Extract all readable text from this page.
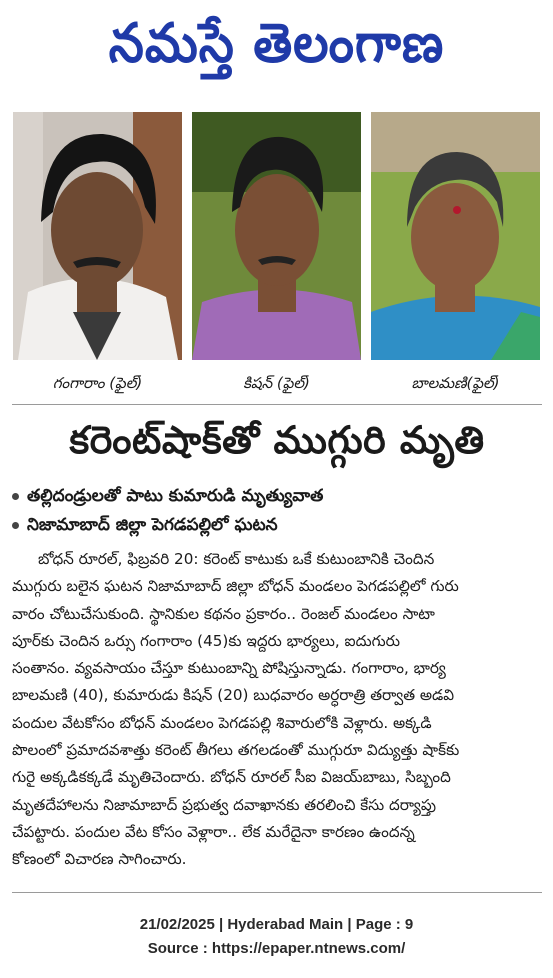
నమస్తే తెలంగాణ
గంగారాం (ఫైల్)	కిషన్ (ఫైల్)	బాలమణి(ఫైల్)
కరెంట్‌షాక్‌తో ముగ్గురి మృతి
తల్లిదండ్రులతో పాటు కుమారుడి మృత్యువాత
నిజామాబాద్ జిల్లా పెగడపల్లిలో ఘటన
బోధన్ రూరల్, ఫిబ్రవరి 20: కరెంట్ కాటుకు ఒకే కుటుంబానికి చెందిన
ముగ్గురు బలైన ఘటన నిజామాబాద్ జిల్లా బోధన్ మండలం పెగడపల్లిలో గురు
వారం చోటుచేసుకుంది. స్థానికుల కథనం ప్రకారం.. రెంజల్ మండలం సాటా
పూర్‌కు చెందిన ఒర్సు గంగారాం (45)కు ఇద్దరు భార్యలు, ఐదుగురు
సంతానం. వ్యవసాయం చేస్తూ కుటుంబాన్ని పోషిస్తున్నాడు. గంగారాం, భార్య
బాలమణి (40), కుమారుడు కిషన్ (20) బుధవారం అర్ధరాత్రి తర్వాత అడవి
పందుల వేటకోసం బోధన్ మండలం పెగడపల్లి శివారులోకి వెళ్లారు. అక్కడి
పొలంలో ప్రమాదవశాత్తు కరెంట్ తీగలు తగలడంతో ముగ్గురూ విద్యుత్తు షాక్‌కు
గురై అక్కడికక్కడే మృతిచెందారు. బోధన్ రూరల్ సీఐ విజయ్‌బాబు, సిబ్బంది
మృతదేహాలను నిజామాబాద్ ప్రభుత్వ దవాఖానకు తరలించి కేసు దర్యాప్తు
చేపట్టారు. పందుల వేట కోసం వెళ్లారా.. లేక మరేదైనా కారణం ఉందన్న
కోణంలో విచారణ సాగించారు.
21/02/2025 | Hyderabad Main | Page : 9
Source : https://epaper.ntnews.com/
